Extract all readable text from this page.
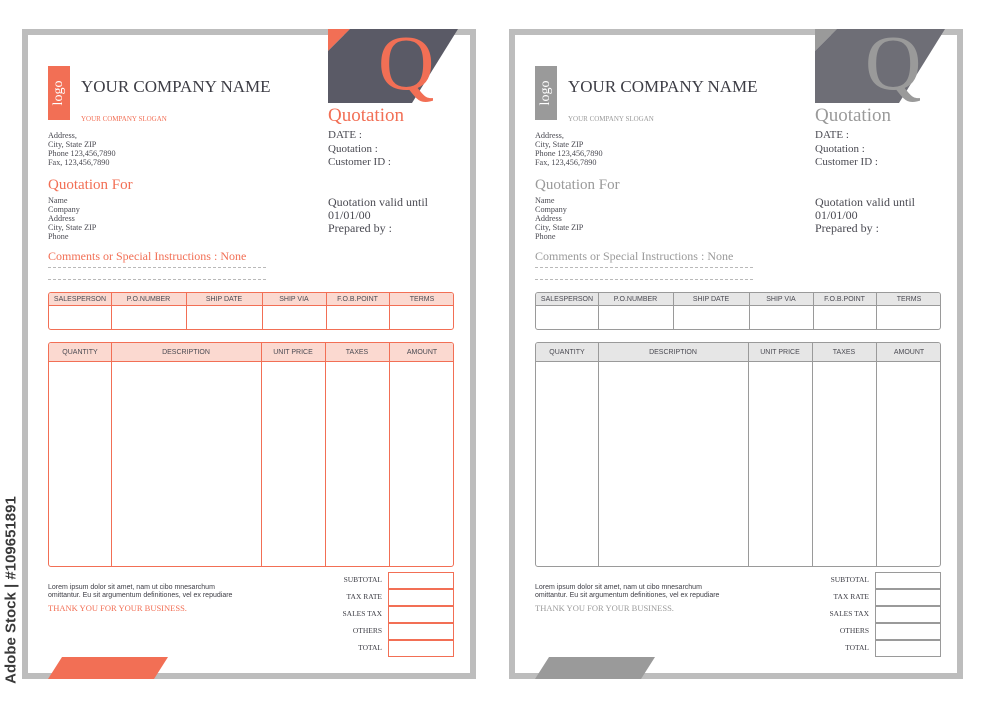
Adobe Stock | #109651891
Q
logo YOUR COMPANY NAME
YOUR COMPANY SLOGAN
Address,
City, State ZIP
Phone 123,456,7890
Fax, 123,456,7890
Quotation
DATE :
Quotation :
Customer ID :
Quotation For
Name
Company
Address
City, State ZIP
Phone
Quotation valid until
01/01/00
Prepared by :
Comments or Special Instructions : None
SALESPERSON	P.O.NUMBER	SHIP DATE	SHIP VIA	F.O.B.POINT	TERMS
QUANTITY	DESCRIPTION	UNIT PRICE	TAXES	AMOUNT
Lorem ipsum dolor sit amet, nam ut cibo mnesarchum omittantur. Eu sit argumentum definitiones, vel ex repudiare
THANK YOU FOR YOUR BUSINESS.
SUBTOTAL
TAX RATE
SALES TAX
OTHERS
TOTAL
Q
logo YOUR COMPANY NAME
YOUR COMPANY SLOGAN
Address,
City, State ZIP
Phone 123,456,7890
Fax, 123,456,7890
Quotation
DATE :
Quotation :
Customer ID :
Quotation For
Name
Company
Address
City, State ZIP
Phone
Quotation valid until
01/01/00
Prepared by :
Comments or Special Instructions : None
SALESPERSON	P.O.NUMBER	SHIP DATE	SHIP VIA	F.O.B.POINT	TERMS
QUANTITY	DESCRIPTION	UNIT PRICE	TAXES	AMOUNT
Lorem ipsum dolor sit amet, nam ut cibo mnesarchum omittantur. Eu sit argumentum definitiones, vel ex repudiare
THANK YOU FOR YOUR BUSINESS.
SUBTOTAL
TAX RATE
SALES TAX
OTHERS
TOTAL
